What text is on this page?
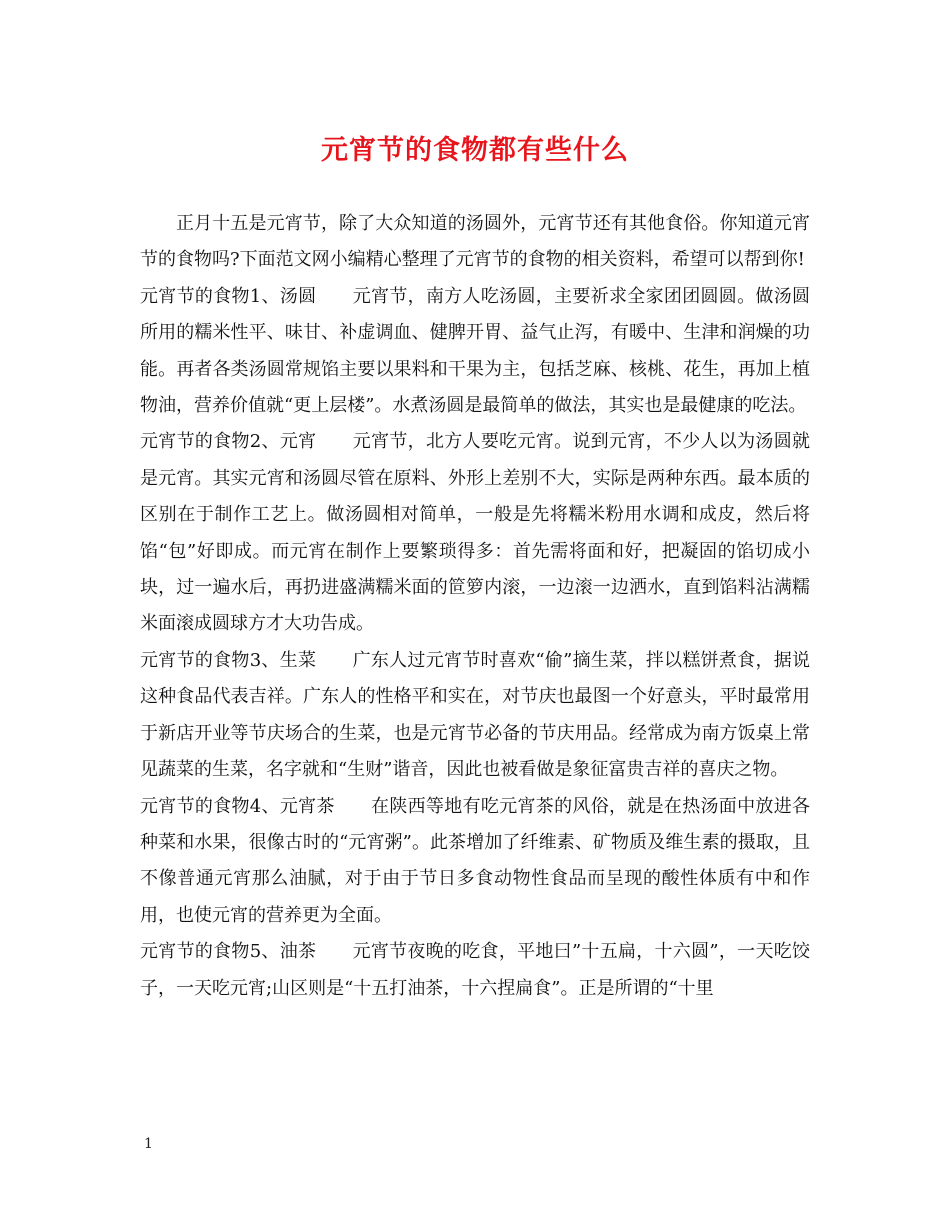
元宵节的食物都有些什么

正月十五是元宵节，除了大众知道的汤圆外，元宵节还有其他食俗。你知道元宵节的食物吗?下面范文网小编精心整理了元宵节的食物的相关资料，希望可以帮到你!

元宵节的食物1、汤圆 元宵节，南方人吃汤圆，主要祈求全家团团圆圆。做汤圆所用的糯米性平、味甘、补虚调血、健脾开胃、益气止泻，有暖中、生津和润燥的功能。再者各类汤圆常规馅主要以果料和干果为主，包括芝麻、核桃、花生，再加上植物油，营养价值就“更上层楼”。水煮汤圆是最简单的做法，其实也是最健康的吃法。

元宵节的食物2、元宵 元宵节，北方人要吃元宵。说到元宵，不少人以为汤圆就是元宵。其实元宵和汤圆尽管在原料、外形上差别不大，实际是两种东西。最本质的区别在于制作工艺上。做汤圆相对简单，一般是先将糯米粉用水调和成皮，然后将馅“包”好即成。而元宵在制作上要繁琐得多：首先需将面和好，把凝固的馅切成小块，过一遍水后，再扔进盛满糯米面的笸箩内滚，一边滚一边洒水，直到馅料沾满糯米面滚成圆球方才大功告成。

元宵节的食物3、生菜 广东人过元宵节时喜欢“偷”摘生菜，拌以糕饼煮食，据说这种食品代表吉祥。广东人的性格平和实在，对节庆也最图一个好意头，平时最常用于新店开业等节庆场合的生菜，也是元宵节必备的节庆用品。经常成为南方饭桌上常见蔬菜的生菜，名字就和“生财”谐音，因此也被看做是象征富贵吉祥的喜庆之物。

元宵节的食物4、元宵茶 在陕西等地有吃元宵茶的风俗，就是在热汤面中放进各种菜和水果，很像古时的“元宵粥”。此茶增加了纤维素、矿物质及维生素的摄取，且不像普通元宵那么油腻，对于由于节日多食动物性食品而呈现的酸性体质有中和作用，也使元宵的营养更为全面。

元宵节的食物5、油茶 元宵节夜晚的吃食，平地曰”十五扁，十六圆”，一天吃饺子，一天吃元宵;山区则是“十五打油茶，十六捏扁食”。正是所谓的“十里

1
